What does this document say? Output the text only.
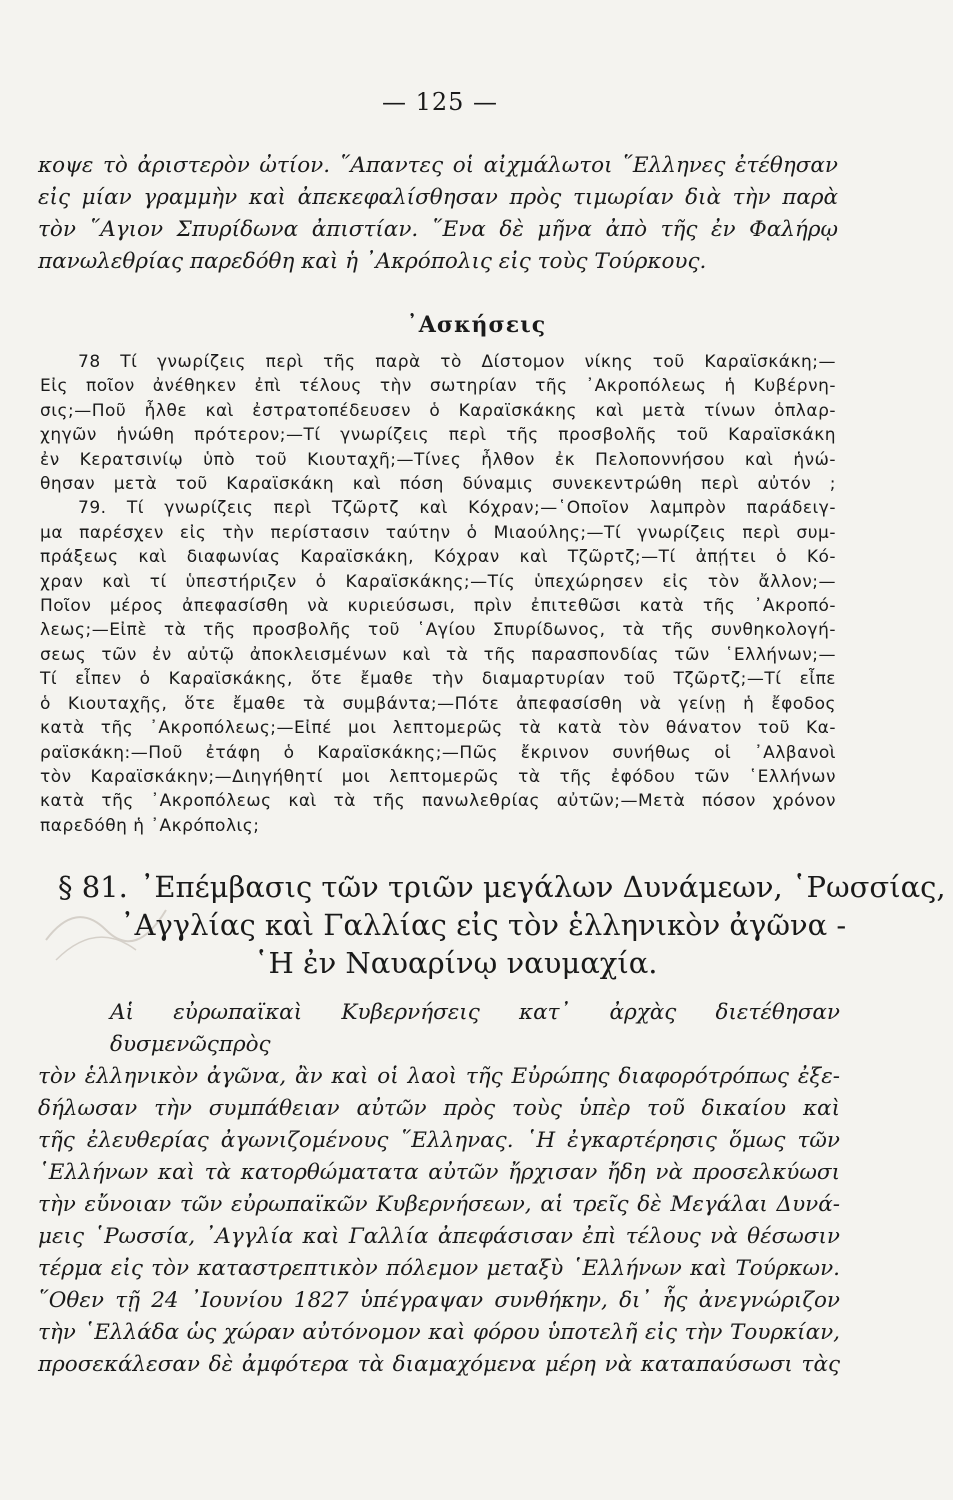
— 125 —

κοψε τὸ ἀριστερὸν ὠτίον. ῞Απαντες οἱ αἰχμάλωτοι ῞Ελληνες ἐτέθησαν

εἰς μίαν γραμμὴν καὶ ἀπεκεφαλίσθησαν πρὸς τιμωρίαν διὰ τὴν παρὰ

τὸν ῞Αγιον Σπυρίδωνα ἀπιστίαν. ῞Ενα δὲ μῆνα ἀπὸ τῆς ἐν Φαλήρῳ

πανωλεθρίας παρεδόθη καὶ ἡ ᾿Ακρόπολις εἰς τοὺς Τούρκους.

᾿Ασκήσεις

78 Τί γνωρίζεις περὶ τῆς παρὰ τὸ Δίστομον νίκης τοῦ Καραϊσκάκη;—

Εἰς ποῖον ἀνέθηκεν ἐπὶ τέλους τὴν σωτηρίαν τῆς ᾿Ακροπόλεως ἡ Κυβέρνη-

σις;—Ποῦ ἦλθε καὶ ἐστρατοπέδευσεν ὁ Καραϊσκάκης καὶ μετὰ τίνων ὁπλαρ-

χηγῶν ἡνώθη πρότερον;—Τί γνωρίζεις περὶ τῆς προσβολῆς τοῦ Καραϊσκάκη

ἐν Κερατσινίῳ ὑπὸ τοῦ Κιουταχῆ;—Τίνες ἦλθον ἐκ Πελοποννήσου καὶ ἡνώ-

θησαν μετὰ τοῦ Καραϊσκάκη καὶ πόση δύναμις συνεκεντρώθη περὶ αὐτόν ;

79. Τί γνωρίζεις περὶ Τζῶρτζ καὶ Κόχραν;—῾Οποῖον λαμπρὸν παράδειγ-

μα παρέσχεν εἰς τὴν περίστασιν ταύτην ὁ Μιαούλης;—Τί γνωρίζεις περὶ συμ-

πράξεως καὶ διαφωνίας Καραϊσκάκη, Κόχραν καὶ Τζῶρτζ;—Τί ἀπῄτει ὁ Κό-

χραν καὶ τί ὑπεστήριζεν ὁ Καραϊσκάκης;—Τίς ὑπεχώρησεν εἰς τὸν ἄλλον;—

Ποῖον μέρος ἀπεφασίσθη νὰ κυριεύσωσι, πρὶν ἐπιτεθῶσι κατὰ τῆς ᾿Ακροπό-

λεως;—Εἰπὲ τὰ τῆς προσβολῆς τοῦ ῾Αγίου Σπυρίδωνος, τὰ τῆς συνθηκολογή-

σεως τῶν ἐν αὐτῷ ἀποκλεισμένων καὶ τὰ τῆς παρασπονδίας τῶν ῾Ελλήνων;—

Τί εἶπεν ὁ Καραϊσκάκης, ὅτε ἔμαθε τὴν διαμαρτυρίαν τοῦ Τζῶρτζ;—Τί εἶπε

ὁ Κιουταχῆς, ὅτε ἔμαθε τὰ συμβάντα;—Πότε ἀπεφασίσθη νὰ γείνῃ ἡ ἔφοδος

κατὰ τῆς ᾿Ακροπόλεως;—Εἰπέ μοι λεπτομερῶς τὰ κατὰ τὸν θάνατον τοῦ Κα-

ραϊσκάκη:—Ποῦ ἐτάφη ὁ Καραϊσκάκης;—Πῶς ἔκρινον συνήθως οἱ ᾿Αλβανοὶ

τὸν Καραϊσκάκην;—Διηγήθητί μοι λεπτομερῶς τὰ τῆς ἐφόδου τῶν ῾Ελλήνων

κατὰ τῆς ᾿Ακροπόλεως καὶ τὰ τῆς πανωλεθρίας αὐτῶν;—Μετὰ πόσον χρόνον

παρεδόθη ἡ ᾿Ακρόπολις;

§ 81. ᾿Επέμβασις τῶν τριῶν μεγάλων Δυνάμεων, ῾Ρωσσίας,
᾿Αγγλίας καὶ Γαλλίας εἰς τὸν ἑλληνικὸν ἀγῶνα -
῾Η ἐν Ναυαρίνῳ ναυμαχία.

Αἱ εὐρωπαϊκαὶ Κυβερνήσεις κατ᾿ ἀρχὰς διετέθησαν δυσμενῶςπρὸς

τὸν ἑλληνικὸν ἀγῶνα, ἂν καὶ οἱ λαοὶ τῆς Εὐρώπης διαφορότρόπως ἐξε-

δήλωσαν τὴν συμπάθειαν αὐτῶν πρὸς τοὺς ὑπὲρ τοῦ δικαίου καὶ

τῆς ἐλευθερίας ἀγωνιζομένους ῞Ελληνας. ῾Η ἐγκαρτέρησις ὅμως τῶν

῾Ελλήνων καὶ τὰ κατορθώματατα αὐτῶν ἤρχισαν ἤδη νὰ προσελκύωσι

τὴν εὔνοιαν τῶν εὐρωπαϊκῶν Κυβερνήσεων, αἱ τρεῖς δὲ Μεγάλαι Δυνά-

μεις ῾Ρωσσία, ᾿Αγγλία καὶ Γαλλία ἀπεφάσισαν ἐπὶ τέλους νὰ θέσωσιν

τέρμα εἰς τὸν καταστρεπτικὸν πόλεμον μεταξὺ ῾Ελλήνων καὶ Τούρκων.

῞Οθεν τῇ 24 ᾿Ιουνίου 1827 ὑπέγραψαν συνθήκην, δι᾿ ἧς ἀνεγνώριζον

τὴν ῾Ελλάδα ὡς χώραν αὐτόνομον καὶ φόρου ὑποτελῆ εἰς τὴν Τουρκίαν,

προσεκάλεσαν δὲ ἀμφότερα τὰ διαμαχόμενα μέρη νὰ καταπαύσωσι τὰς
